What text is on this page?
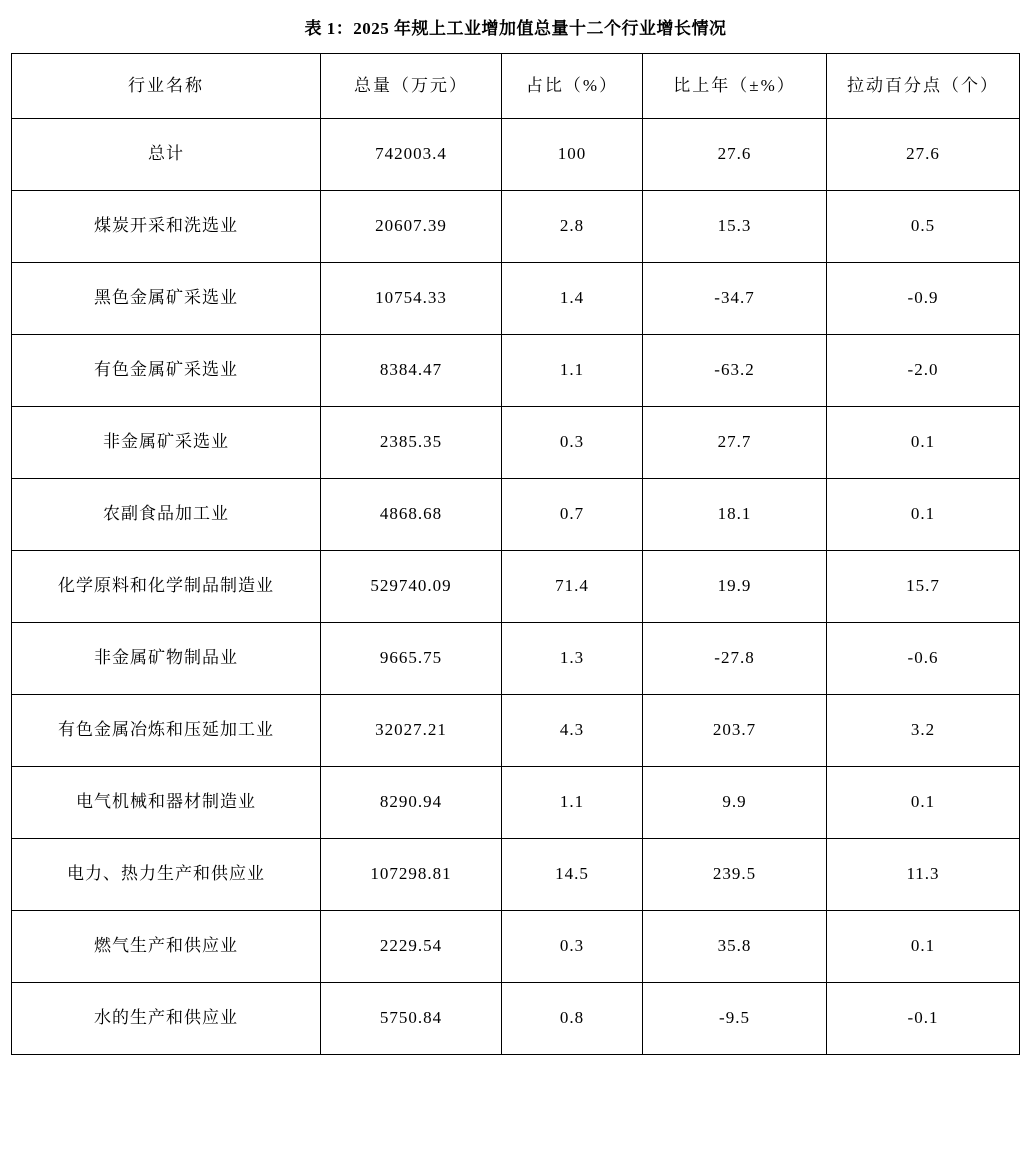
表 1：2025 年规上工业增加值总量十二个行业增长情况
行业名称	总量（万元）	占比（%）	比上年（±%）	拉动百分点（个）
总计	742003.4	100	27.6	27.6
煤炭开采和洗选业	20607.39	2.8	15.3	0.5
黑色金属矿采选业	10754.33	1.4	-34.7	-0.9
有色金属矿采选业	8384.47	1.1	-63.2	-2.0
非金属矿采选业	2385.35	0.3	27.7	0.1
农副食品加工业	4868.68	0.7	18.1	0.1
化学原料和化学制品制造业	529740.09	71.4	19.9	15.7
非金属矿物制品业	9665.75	1.3	-27.8	-0.6
有色金属冶炼和压延加工业	32027.21	4.3	203.7	3.2
电气机械和器材制造业	8290.94	1.1	9.9	0.1
电力、热力生产和供应业	107298.81	14.5	239.5	11.3
燃气生产和供应业	2229.54	0.3	35.8	0.1
水的生产和供应业	5750.84	0.8	-9.5	-0.1
